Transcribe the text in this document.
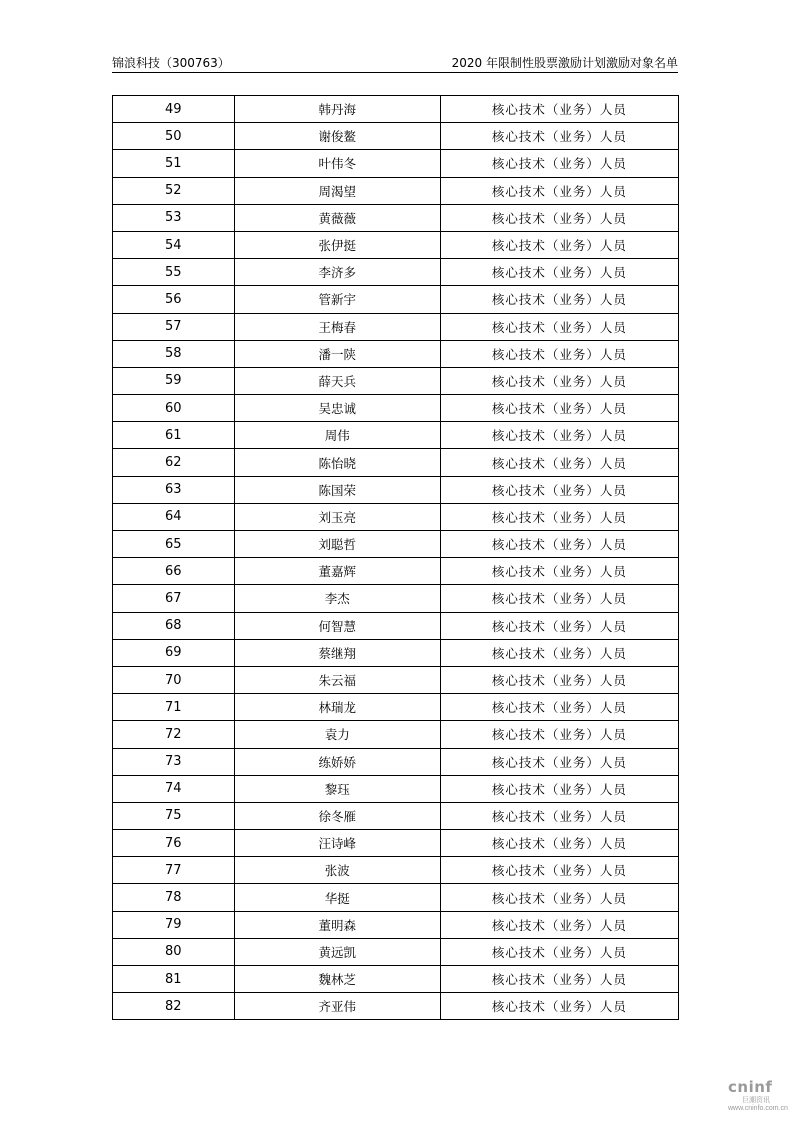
锦浪科技（300763）	2020 年限制性股票激励计划激励对象名单
49	韩丹海	核心技术（业务）人员
50	谢俊鳌	核心技术（业务）人员
51	叶伟冬	核心技术（业务）人员
52	周渴望	核心技术（业务）人员
53	黄薇薇	核心技术（业务）人员
54	张伊挺	核心技术（业务）人员
55	李济多	核心技术（业务）人员
56	管新宇	核心技术（业务）人员
57	王梅春	核心技术（业务）人员
58	潘一陕	核心技术（业务）人员
59	薛天兵	核心技术（业务）人员
60	吴忠诚	核心技术（业务）人员
61	周伟	核心技术（业务）人员
62	陈怡晓	核心技术（业务）人员
63	陈国荣	核心技术（业务）人员
64	刘玉亮	核心技术（业务）人员
65	刘聪哲	核心技术（业务）人员
66	董嘉辉	核心技术（业务）人员
67	李杰	核心技术（业务）人员
68	何智慧	核心技术（业务）人员
69	蔡继翔	核心技术（业务）人员
70	朱云福	核心技术（业务）人员
71	林瑞龙	核心技术（业务）人员
72	袁力	核心技术（业务）人员
73	练娇娇	核心技术（业务）人员
74	黎珏	核心技术（业务）人员
75	徐冬雁	核心技术（业务）人员
76	汪诗峰	核心技术（业务）人员
77	张波	核心技术（业务）人员
78	华挺	核心技术（业务）人员
79	董明森	核心技术（业务）人员
80	黄远凯	核心技术（业务）人员
81	魏林芝	核心技术（业务）人员
82	齐亚伟	核心技术（业务）人员
cninf
巨潮资讯
www.cninfo.com.cn
